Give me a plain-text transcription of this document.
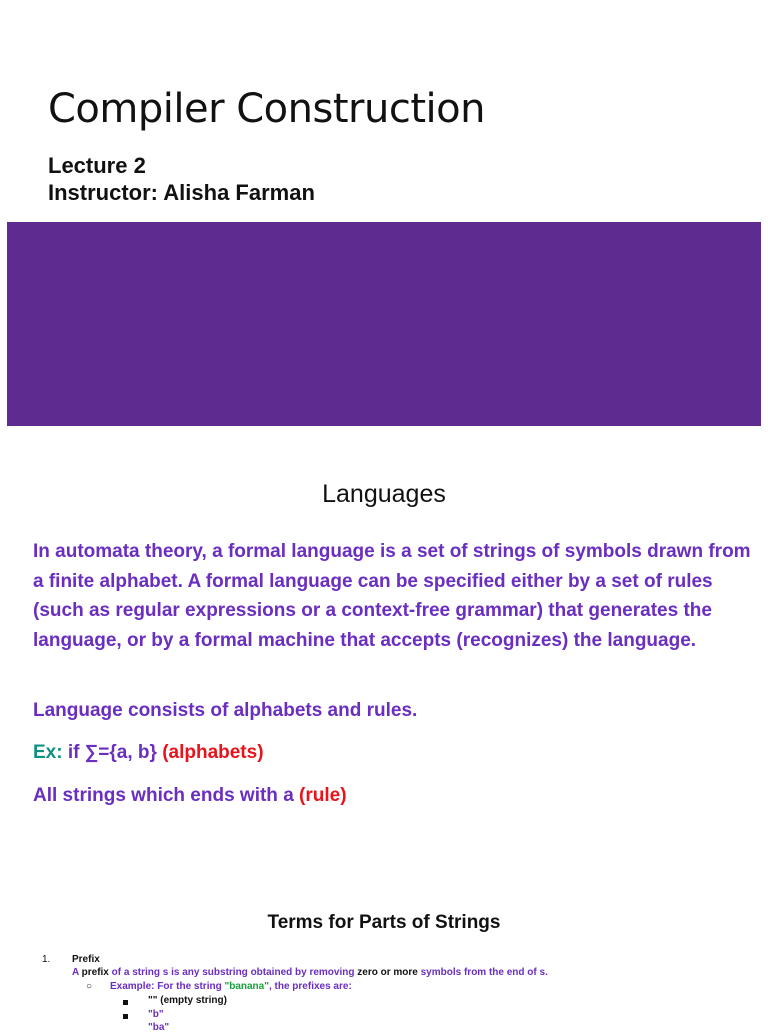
Compiler Construction
Lecture 2
Instructor: Alisha Farman
Languages

In automata theory, a formal language is a set of strings of symbols drawn from a finite alphabet. A formal language can be specified either by a set of rules (such as regular expressions or a context-free grammar) that generates the language, or by a formal machine that accepts (recognizes) the language.

Language consists of alphabets and rules.

Ex: if ∑={a, b} (alphabets)

All strings which ends with a (rule)

Terms for Parts of Strings
1. Prefix
A prefix of a string s is any substring obtained by removing zero or more symbols from the end of s.
○ Example: For the string "banana", the prefixes are:
"" (empty string)
"b"
"ba"
